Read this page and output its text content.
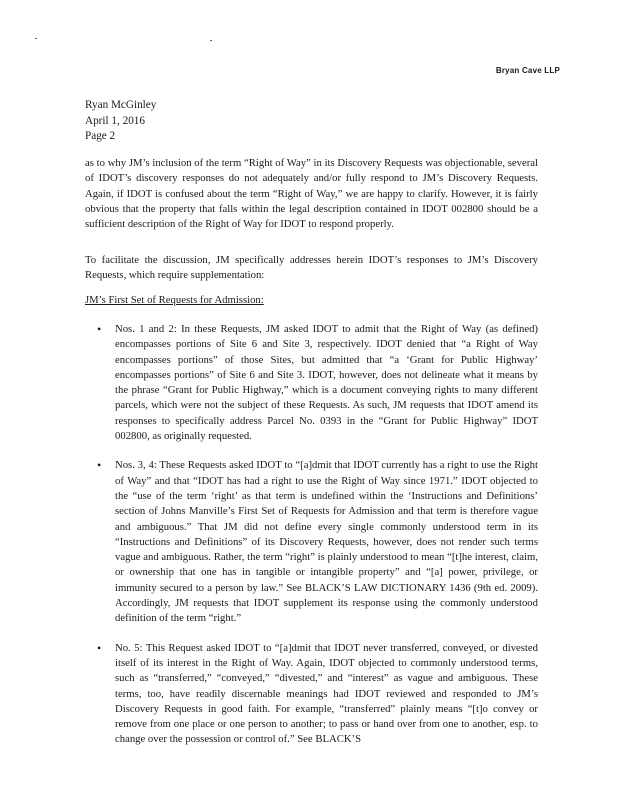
Bryan Cave LLP
Ryan McGinley
April 1, 2016
Page 2

as to why JM’s inclusion of the term “Right of Way” in its Discovery Requests was objectionable, several of IDOT’s discovery responses do not adequately and/or fully respond to JM’s Discovery Requests. Again, if IDOT is confused about the term “Right of Way,” we are happy to clarify. However, it is fairly obvious that the property that falls within the legal description contained in IDOT 002800 should be a sufficient description of the Right of Way for IDOT to respond properly.

To facilitate the discussion, JM specifically addresses herein IDOT’s responses to JM’s Discovery Requests, which require supplementation:

JM’s First Set of Requests for Admission:
• Nos. 1 and 2: In these Requests, JM asked IDOT to admit that the Right of Way (as defined) encompasses portions of Site 6 and Site 3, respectively. IDOT denied that “a Right of Way encompasses portions” of those Sites, but admitted that “a ‘Grant for Public Highway’ encompasses portions” of Site 6 and Site 3. IDOT, however, does not delineate what it means by the phrase “Grant for Public Highway,” which is a document conveying rights to many different parcels, which were not the subject of these Requests. As such, JM requests that IDOT amend its responses to specifically address Parcel No. 0393 in the “Grant for Public Highway” IDOT 002800, as originally requested.
• Nos. 3, 4: These Requests asked IDOT to “[a]dmit that IDOT currently has a right to use the Right of Way” and that “IDOT has had a right to use the Right of Way since 1971.” IDOT objected to the “use of the term ‘right’ as that term is undefined within the ‘Instructions and Definitions’ section of Johns Manville’s First Set of Requests for Admission and that term is therefore vague and ambiguous.” That JM did not define every single commonly understood term in its “Instructions and Definitions” of its Discovery Requests, however, does not render such terms vague and ambiguous. Rather, the term “right” is plainly understood to mean “[t]he interest, claim, or ownership that one has in tangible or intangible property” and “[a] power, privilege, or immunity secured to a person by law.” See BLACK’S LAW DICTIONARY 1436 (9th ed. 2009). Accordingly, JM requests that IDOT supplement its response using the commonly understood definition of the term “right.”
• No. 5: This Request asked IDOT to “[a]dmit that IDOT never transferred, conveyed, or divested itself of its interest in the Right of Way. Again, IDOT objected to commonly understood terms, such as “transferred,” “conveyed,” “divested,” and “interest” as vague and ambiguous. These terms, too, have readily discernable meanings had IDOT reviewed and responded to JM’s Discovery Requests in good faith. For example, “transferred” plainly means “[t]o convey or remove from one place or one person to another; to pass or hand over from one to another, esp. to change over the possession or control of.” See BLACK’S
